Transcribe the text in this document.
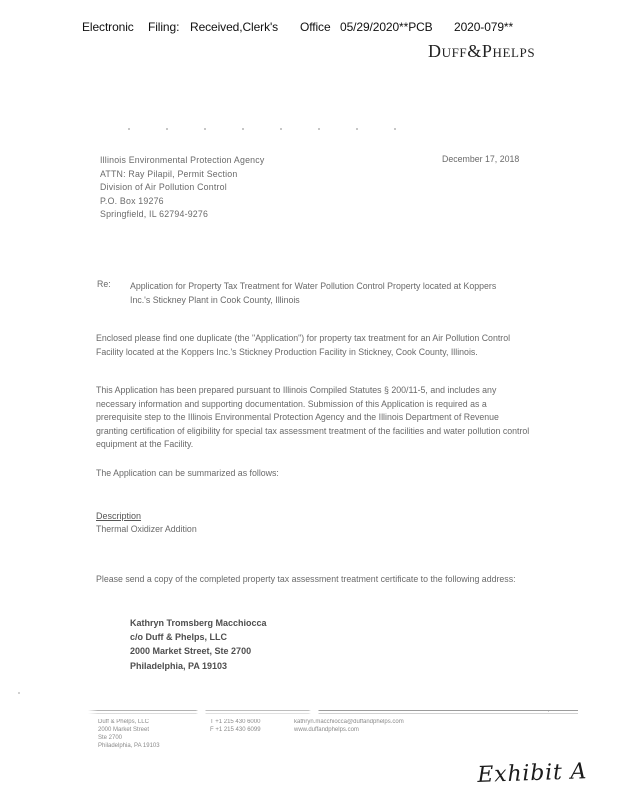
Electronic Filing: Received,Clerk's Office 05/29/2020**PCB 2020-079**
Duff&Phelps
Illinois Environmental Protection Agency
ATTN: Ray Pilapil, Permit Section
Division of Air Pollution Control
P.O. Box 19276
Springfield, IL 62794-9276
December 17, 2018
Re: Application for Property Tax Treatment for Water Pollution Control Property located at Koppers Inc.'s Stickney Plant in Cook County, Illinois
Enclosed please find one duplicate (the "Application") for property tax treatment for an Air Pollution Control Facility located at the Koppers Inc.'s Stickney Production Facility in Stickney, Cook County, Illinois.
This Application has been prepared pursuant to Illinois Compiled Statutes § 200/11-5, and includes any necessary information and supporting documentation. Submission of this Application is required as a prerequisite step to the Illinois Environmental Protection Agency and the Illinois Department of Revenue granting certification of eligibility for special tax assessment treatment of the facilities and water pollution control equipment at the Facility.
The Application can be summarized as follows:
Description
Thermal Oxidizer Addition
Please send a copy of the completed property tax assessment treatment certificate to the following address:
Kathryn Tromsberg Macchiocca
c/o Duff & Phelps, LLC
2000 Market Street, Ste 2700
Philadelphia, PA 19103
Duff & Phelps, LLC
2000 Market Street
Ste 2700
Philadelphia, PA 19103
T +1 215 430 6000
F +1 215 430 6099
kathryn.macchiocca@duffandphelps.com
www.duffandphelps.com
Exhibit A
